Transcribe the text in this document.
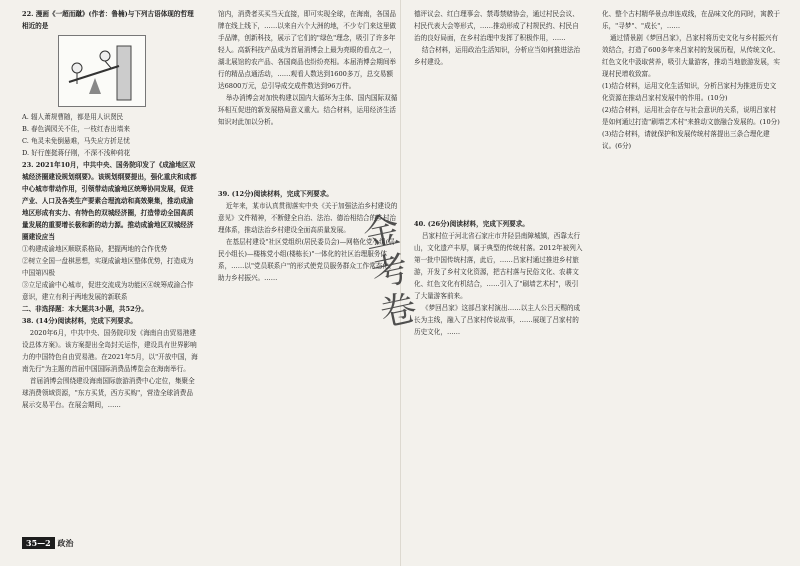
22. 漫画《一超而蹴》(作者：鲁楠)与下列古语体现的哲理相近的是

A. 辐人萧规曹随，都是用人识贤民

B. 春色满园关不住，一枝红杏出墙来

C. 龟灵未免倒悬难，马失应方折足忧

D. 好行莲挺蒋仔刚，不深不浅种荷花

23. 2021年10月，中共中央、国务院印发了《成渝地区双城经济圈建设规划纲要》。该规划纲要提出，强化重庆和成都中心城市带动作用，引领带动成渝地区统筹协同发展，促进产业、人口及各类生产要素合理流动和高效聚集，推动成渝地区形成有实力、有特色的双城经济圈，打造带动全国高质量发展的重要增长极和新的动力源。推动成渝地区双城经济圈建设应当

①构建成渝地区顺联系格局，把握两地的合作优势

②树立全国一盘棋思想，实现成渝地区整体优势，打造成为中国第四极

③立足成渝中心城市，促进交流成为功能区④统筹成渝合作意识，建立有利于两地发展的新联系

二、非选择题：本大题共3小题，共52分。

38. (14分)阅读材料，完成下列要求。

2020年6月，中共中央、国务院印发《海南自由贸易港建设总体方案》。该方案提出全岛封关运作，建设具有世界影响力的中国特色自由贸易港。在2021年5月，以"开放中国，海南先行"为主题的首届中国国际消费品博览会在海南举行。

首届消博会围绕建设海南国际旅游消费中心定位，集聚全球消费领域资源，"东方买货，西方买购"，营造全球消费品展示交易平台。在展会期间，……

馆内，消费者买买当天直接，即可实现全球，在海南，各国品牌在线上线下，……以来自六个大洲的地，不少专门来这里做手品牌，创新科技，展示了它们的"绿色"理念，吸引了许多年轻人。高新科技产品成为首届消博会上最为亮眼的看点之一，湖北展馆的农产品、各国商品也纷纷亮相。本届消博会期间举行的精品点通活动，……观看人数达到1600多万，总交易额达6800万元，总引导成交成件数达到96万件。

举办消博会对加快构建以国内大循环为主体、国内国际双循环相互促进的新发展格局意义重大。结合材料，运用经济生活知识对此加以分析。

39. (12分)阅读材料，完成下列要求。

近年来，某市认真贯彻落实中央《关于加强法治乡村建设的意见》文件精神，不断健全自治、法治、德治相结合的乡村治理体系，推动法治乡村建设全面高质量发展。

在基层村建设"社区党组织(居民委员会)—网格化党小组(居民小组长)—楼栋党小组(楼栋长)"一体化的社区治理服务体系，……以"党员联系户"的形式使党员服务群众工作常态化，助力乡村振兴。……

德评议会、红白理事会、禁毒禁赌协会，通过村民会议、村民代表大会等形式，……推动形成了村规民约、村民自治的良好局面，在乡村治理中发挥了积极作用，……

结合材料，运用政治生活知识，分析应当如何推进法治乡村建设。

40. (26分)阅读材料，完成下列要求。

吕家村位于河北省石家庄市井陉县南障城镇，西靠太行山，文化遗产丰厚，属于典型的传统村落。2012年被列入第一批中国传统村落，此后，……吕家村通过推进乡村旅游，开发了乡村文化资源，把古村落与民俗文化、农耕文化、红色文化有机结合，……引入了"刷墙艺术村"，吸引了大量游客前来。

《梦回吕家》这部吕家村演出……以主人公吕天赐的成长为主线，融入了吕家村传说故事，……展现了吕家村的历史文化，……

化、整个古村精华景点串连成线，在品味文化的同时，寓教于乐，"寻梦"、"成长"，……

通过情景剧《梦回吕家》，吕家村将历史文化与乡村振兴有效结合，打造了600多年来吕家村的发展历程，从传统文化、红色文化中汲取营养，吸引大量游客，推动当地旅游发展，实现村民增收致富。

(1)结合材料，运用文化生活知识，分析吕家村为推进历史文化资源在推动吕家村发展中的作用。(10分)

(2)结合材料，运用社会存在与社会意识的关系，说明吕家村是如何通过打造"刷墙艺术村"来推动文旅融合发展的。(10分)

(3)结合材料，请就保护和发展传统村落提出三条合理化建议。(6分)

金考卷
35—2 政治
